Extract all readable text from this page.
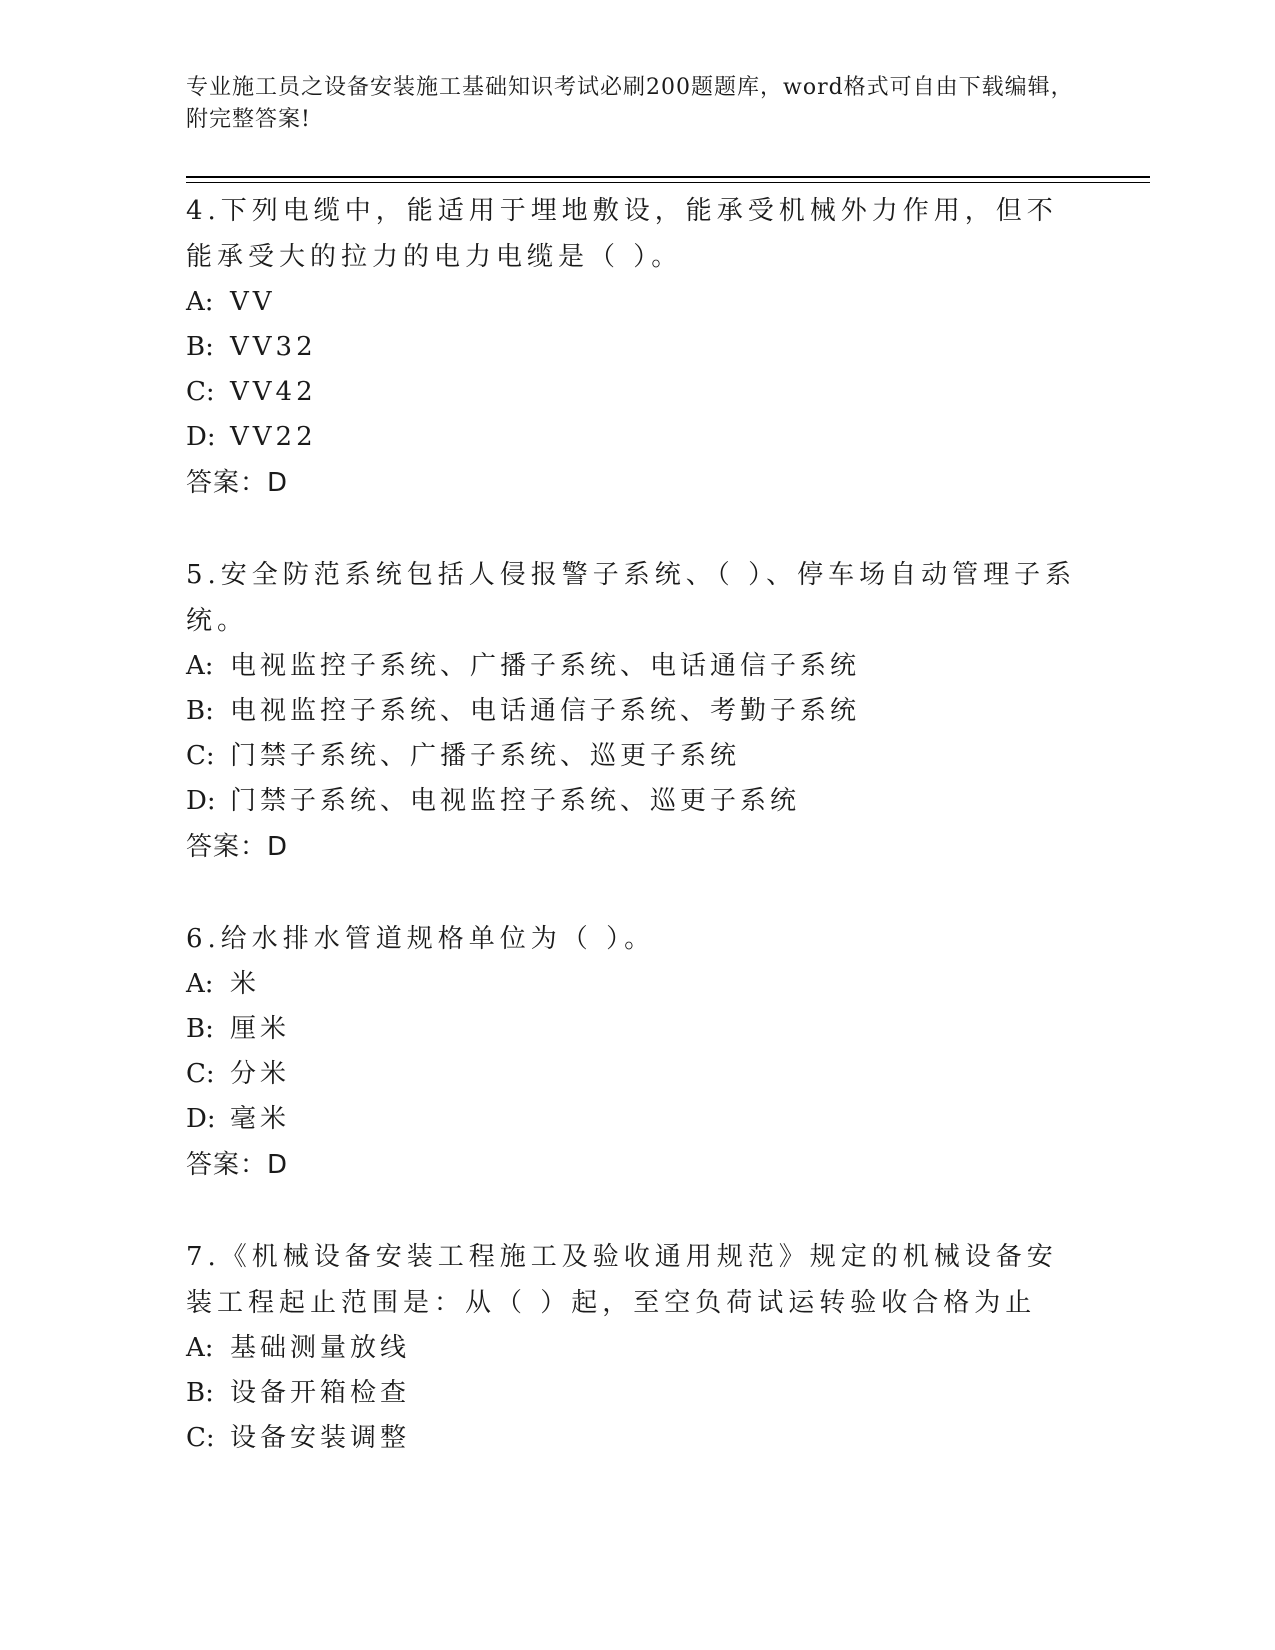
专业施工员之设备安装施工基础知识考试必刷200题题库，word格式可自由下载编辑，附完整答案!

4.下列电缆中，能适用于埋地敷设，能承受机械外力作用，但不能承受大的拉力的电力电缆是（ ）。

A: VV

B: VV32

C: VV42

D: VV22

答案：D

5.安全防范系统包括人侵报警子系统、（ ）、停车场自动管理子系统。

A: 电视监控子系统、广播子系统、电话通信子系统

B: 电视监控子系统、电话通信子系统、考勤子系统

C: 门禁子系统、广播子系统、巡更子系统

D: 门禁子系统、电视监控子系统、巡更子系统

答案：D

6.给水排水管道规格单位为（ ）。

A: 米

B: 厘米

C: 分米

D: 毫米

答案：D

7.《机械设备安装工程施工及验收通用规范》规定的机械设备安装工程起止范围是：从（ ）起，至空负荷试运转验收合格为止

A: 基础测量放线

B: 设备开箱检查

C: 设备安装调整
